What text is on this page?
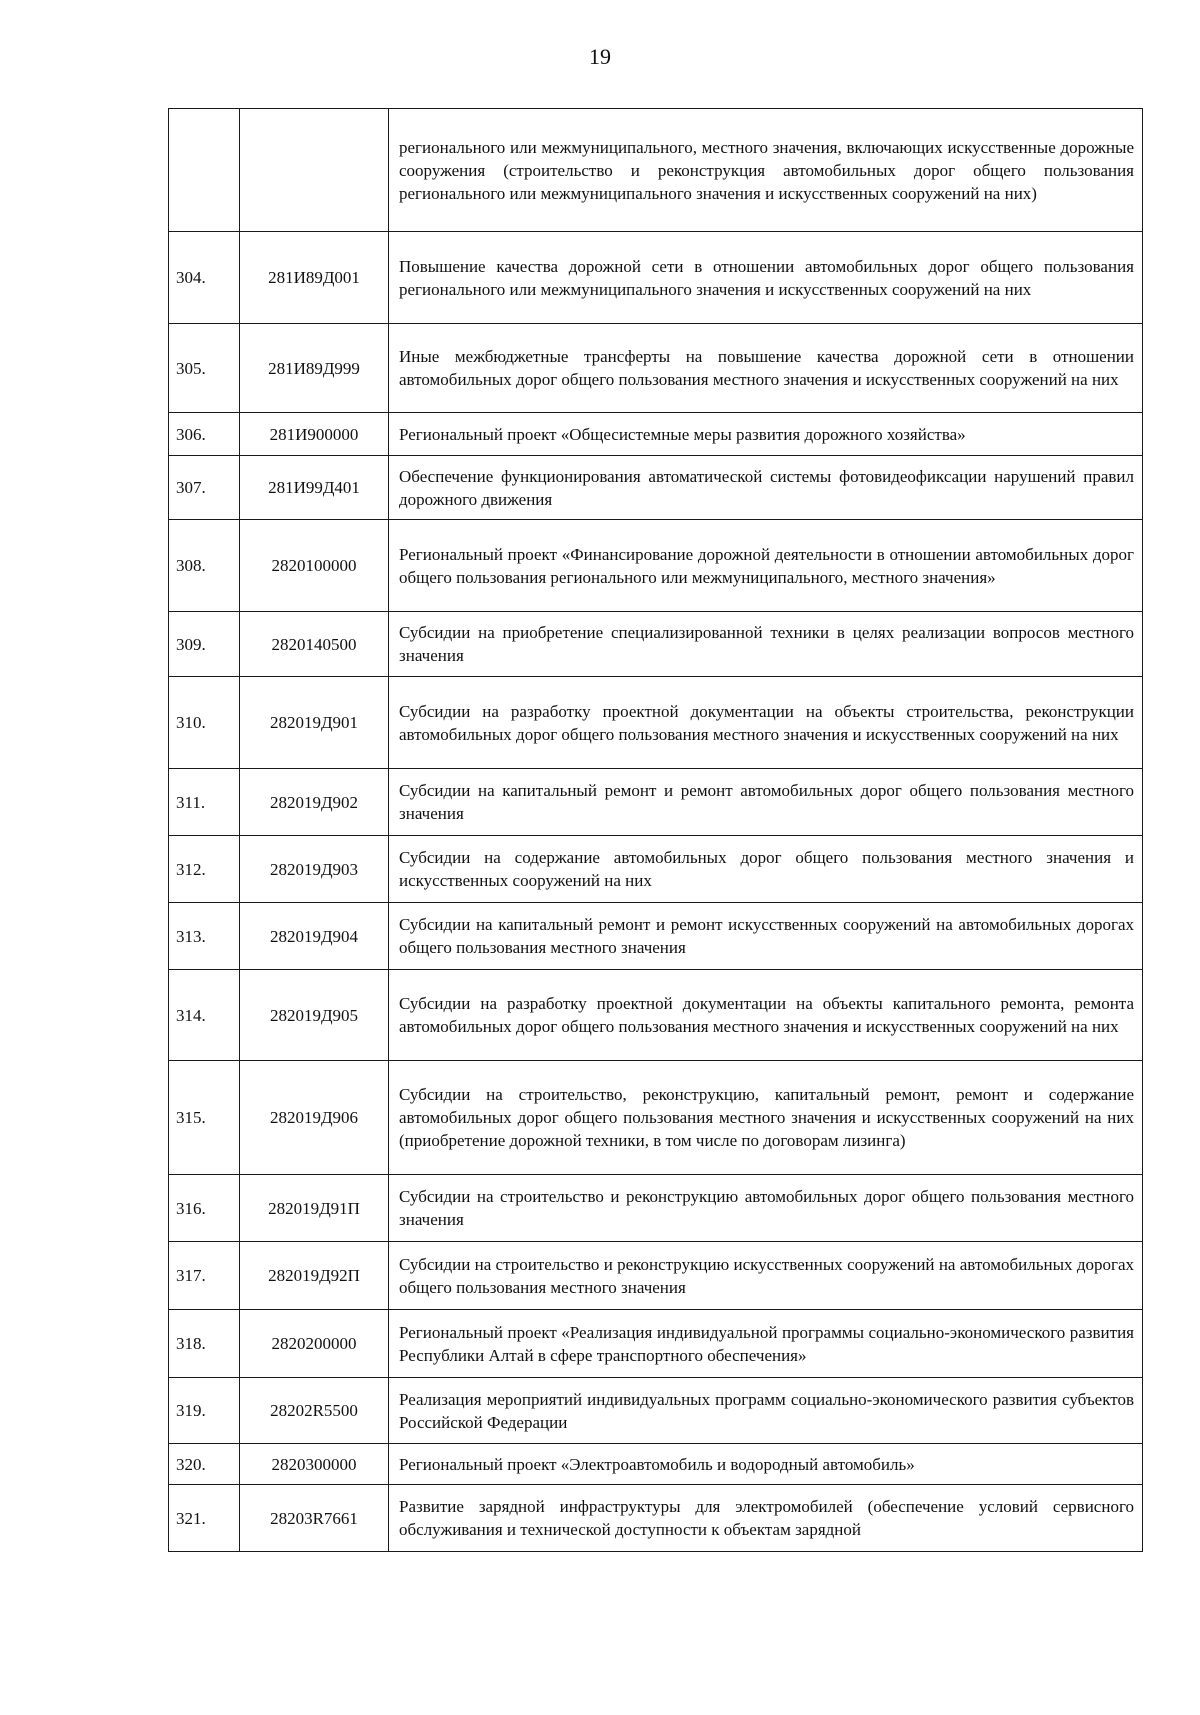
19

		регионального или межмуниципального, местного значения, включающих искусственные дорожные сооружения (строительство и реконструкция автомобильных дорог общего пользования регионального или межмуниципального значения и искусственных сооружений на них)

304.	281И89Д001	Повышение качества дорожной сети в отношении автомобильных дорог общего пользования регионального или межмуниципального значения и искусственных сооружений на них

305.	281И89Д999	Иные межбюджетные трансферты на повышение качества дорожной сети в отношении автомобильных дорог общего пользования местного значения и искусственных сооружений на них

306.	281И900000	Региональный проект «Общесистемные меры развития дорожного хозяйства»

307.	281И99Д401	Обеспечение функционирования автоматической системы фотовидеофиксации нарушений правил дорожного движения

308.	2820100000	Региональный проект «Финансирование дорожной деятельности в отношении автомобильных дорог общего пользования регионального или межмуниципального, местного значения»

309.	2820140500	Субсидии на приобретение специализированной техники в целях реализации вопросов местного значения

310.	282019Д901	Субсидии на разработку проектной документации на объекты строительства, реконструкции автомобильных дорог общего пользования местного значения и искусственных сооружений на них

311.	282019Д902	Субсидии на капитальный ремонт и ремонт автомобильных дорог общего пользования местного значения

312.	282019Д903	Субсидии на содержание автомобильных дорог общего пользования местного значения и искусственных сооружений на них

313.	282019Д904	Субсидии на капитальный ремонт и ремонт искусственных сооружений на автомобильных дорогах общего пользования местного значения

314.	282019Д905	Субсидии на разработку проектной документации на объекты капитального ремонта, ремонта автомобильных дорог общего пользования местного значения и искусственных сооружений на них

315.	282019Д906	Субсидии на строительство, реконструкцию, капитальный ремонт, ремонт и содержание автомобильных дорог общего пользования местного значения и искусственных сооружений на них (приобретение дорожной техники, в том числе по договорам лизинга)

316.	282019Д91П	Субсидии на строительство и реконструкцию автомобильных дорог общего пользования местного значения

317.	282019Д92П	Субсидии на строительство и реконструкцию искусственных сооружений на автомобильных дорогах общего пользования местного значения

318.	2820200000	Региональный проект «Реализация индивидуальной программы социально-экономического развития Республики Алтай в сфере транспортного обеспечения»

319.	28202R5500	Реализация мероприятий индивидуальных программ социально-экономического развития субъектов Российской Федерации

320.	2820300000	Региональный проект «Электроавтомобиль и водородный автомобиль»

321.	28203R7661	Развитие зарядной инфраструктуры для электромобилей (обеспечение условий сервисного обслуживания и технической доступности к объектам зарядной
